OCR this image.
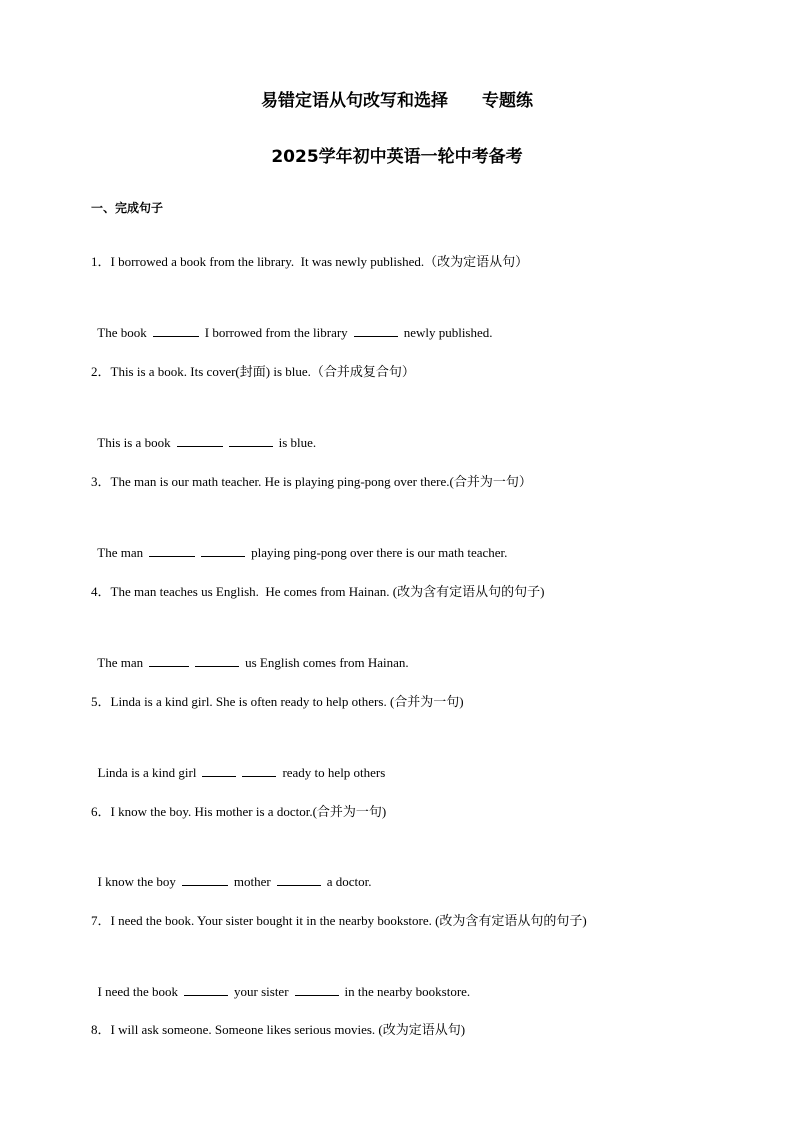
易错定语从句改写和选择　　专题练
2025学年初中英语一轮中考备考
一、完成句子
1．I borrowed a book from the library.  It was newly published.（改为定语从句）

The book	I borrowed from the library	newly published.

2．This is a book. Its cover(封面) is blue.（合并成复合句）

This is a book	is blue.

3．The man is our math teacher. He is playing ping-pong over there.(合并为一句）

The man	playing ping-pong over there is our math teacher.

4．The man teaches us English.  He comes from Hainan. (改为含有定语从句的句子)

The man	us English comes from Hainan.

5．Linda is a kind girl. She is often ready to help others. (合并为一句)

Linda is a kind girl	ready to help others

6．I know the boy. His mother is a doctor.(合并为一句)

I know the boy	mother	a doctor.

7．I need the book. Your sister bought it in the nearby bookstore. (改为含有定语从句的句子)

I need the book	your sister	in the nearby bookstore.

8．I will ask someone. Someone likes serious movies. (改为定语从句)
